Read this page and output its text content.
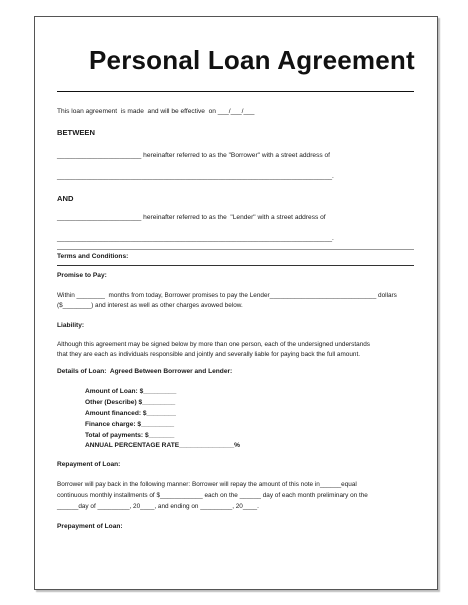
Personal Loan Agreement
This loan agreement  is made  and will be effective  on ___/___/___
BETWEEN
_______________________ hereinafter referred to as the "Borrower" with a street address of
___________________________________________________________________________.
AND
_______________________ hereinafter referred to as the  "Lender" with a street address of
___________________________________________________________________________.
Terms and Conditions:
Promise to Pay:
Within ________  months from today, Borrower promises to pay the Lender______________________________ dollars
($________) and interest as well as other charges avowed below.
Liability:
Although this agreement may be signed below by more than one person, each of the undersigned understands
that they are each as individuals responsible and jointly and severally liable for paying back the full amount.
Details of Loan:  Agreed Between Borrower and Lender:
Amount of Loan: $_________
Other (Describe) $_________
Amount financed: $________
Finance charge: $_________
Total of payments: $_______
ANNUAL PERCENTAGE RATE_______________%
Repayment of Loan:
Borrower will pay back in the following manner: Borrower will repay the amount of this note in______equal
continuous monthly installments of $____________ each on the ______ day of each month preliminary on the
______day of _________, 20____, and ending on _________, 20____.
Prepayment of Loan:
